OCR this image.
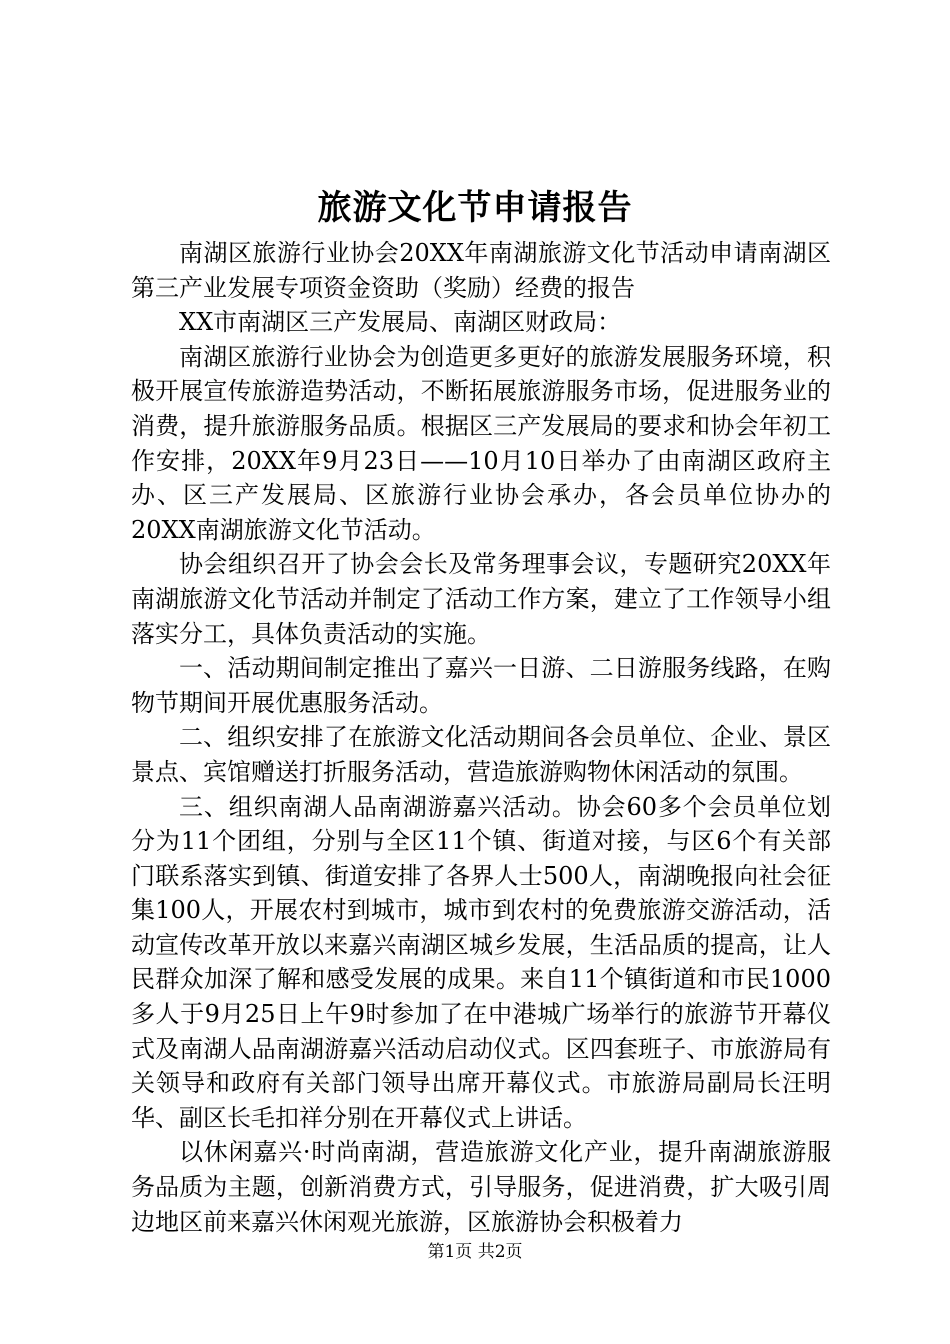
旅游文化节申请报告

南湖区旅游行业协会20XX年南湖旅游文化节活动申请南湖区第三产业发展专项资金资助（奖励）经费的报告

XX市南湖区三产发展局、南湖区财政局：

南湖区旅游行业协会为创造更多更好的旅游发展服务环境，积极开展宣传旅游造势活动，不断拓展旅游服务市场，促进服务业的消费，提升旅游服务品质。根据区三产发展局的要求和协会年初工作安排，20XX年9月23日——10月10日举办了由南湖区政府主办、区三产发展局、区旅游行业协会承办，各会员单位协办的20XX南湖旅游文化节活动。

协会组织召开了协会会长及常务理事会议，专题研究20XX年南湖旅游文化节活动并制定了活动工作方案，建立了工作领导小组落实分工，具体负责活动的实施。

一、活动期间制定推出了嘉兴一日游、二日游服务线路，在购物节期间开展优惠服务活动。

二、组织安排了在旅游文化活动期间各会员单位、企业、景区景点、宾馆赠送打折服务活动，营造旅游购物休闲活动的氛围。

三、组织南湖人品南湖游嘉兴活动。协会60多个会员单位划分为11个团组，分别与全区11个镇、街道对接，与区6个有关部门联系落实到镇、街道安排了各界人士500人，南湖晚报向社会征集100人，开展农村到城市，城市到农村的免费旅游交游活动，活动宣传改革开放以来嘉兴南湖区城乡发展，生活品质的提高，让人民群众加深了解和感受发展的成果。来自11个镇街道和市民1000多人于9月25日上午9时参加了在中港城广场举行的旅游节开幕仪式及南湖人品南湖游嘉兴活动启动仪式。区四套班子、市旅游局有关领导和政府有关部门领导出席开幕仪式。市旅游局副局长汪明华、副区长毛扣祥分别在开幕仪式上讲话。

以休闲嘉兴·时尚南湖，营造旅游文化产业，提升南湖旅游服务品质为主题，创新消费方式，引导服务，促进消费，扩大吸引周边地区前来嘉兴休闲观光旅游，区旅游协会积极着力

第1页 共2页
